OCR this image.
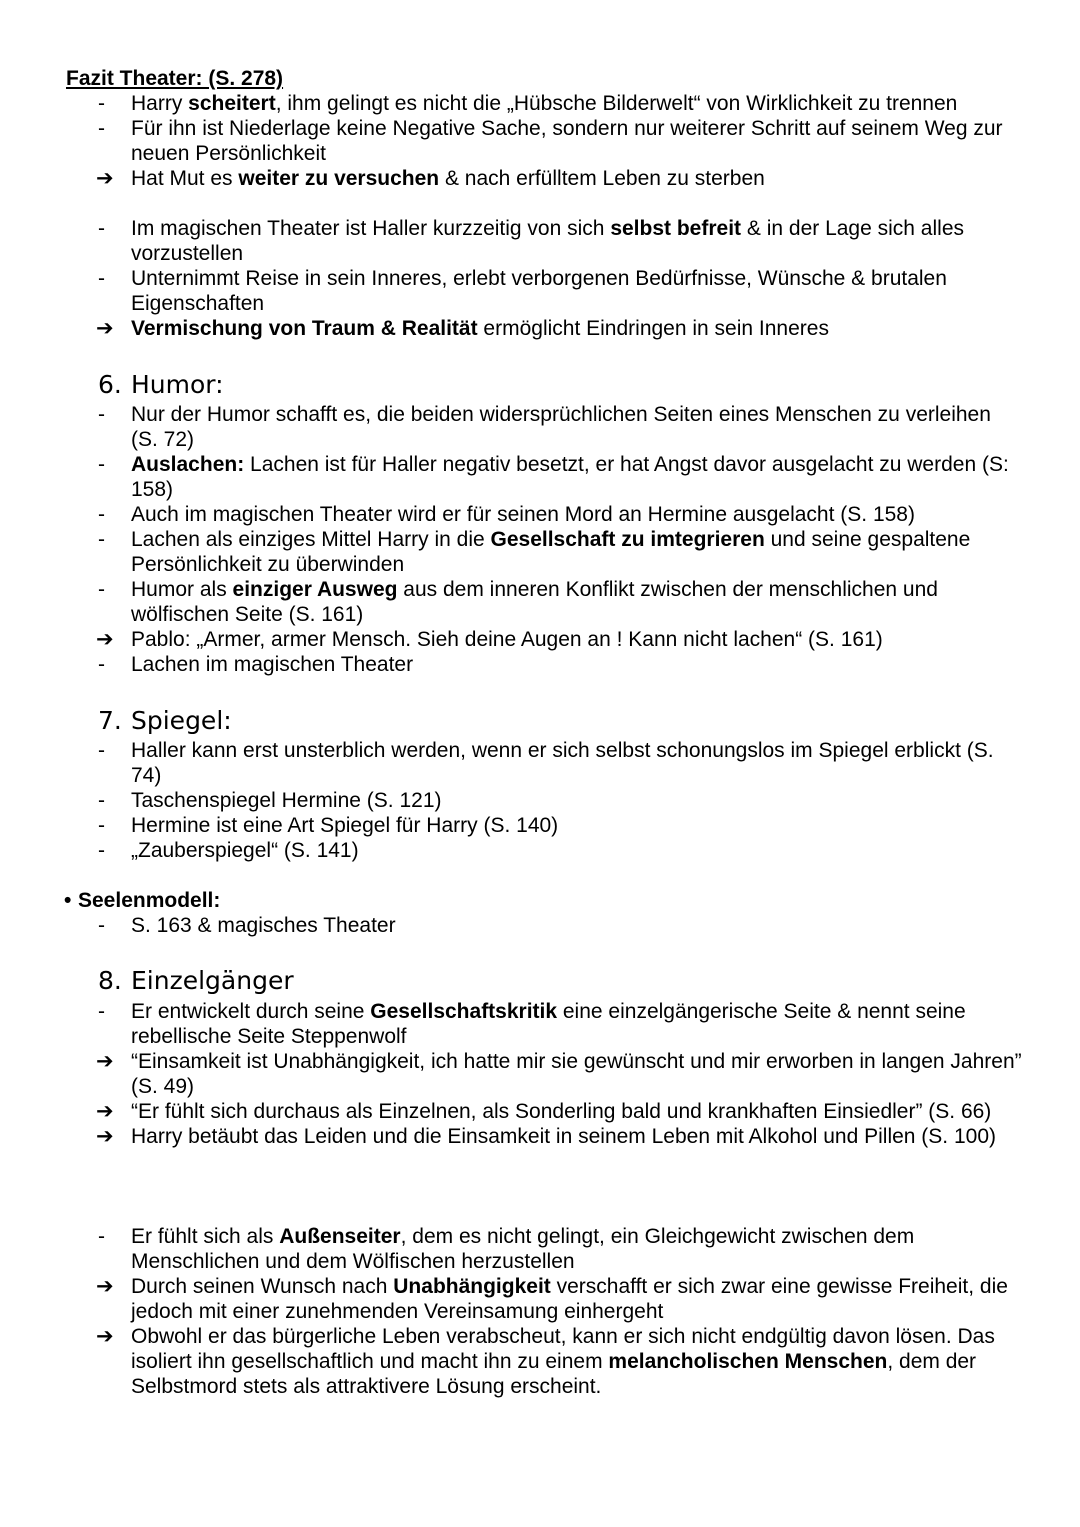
Fazit Theater: (S. 278)
-	Harry scheitert, ihm gelingt es nicht die „Hübsche Bilderwelt“ von Wirklichkeit zu trennen
-	Für ihn ist Niederlage keine Negative Sache, sondern nur weiterer Schritt auf seinem Weg zur neuen Persönlichkeit
➔ Hat Mut es weiter zu versuchen & nach erfülltem Leben zu sterben
-	Im magischen Theater ist Haller kurzzeitig von sich selbst befreit & in der Lage sich alles vorzustellen
-	Unternimmt Reise in sein Inneres, erlebt verborgenen Bedürfnisse, Wünsche & brutalen Eigenschaften
➔ Vermischung von Traum & Realität ermöglicht Eindringen in sein Inneres
6. Humor:
-	Nur der Humor schafft es, die beiden widersprüchlichen Seiten eines Menschen zu verleihen (S. 72)
-	Auslachen: Lachen ist für Haller negativ besetzt, er hat Angst davor ausgelacht zu werden (S: 158)
-	Auch im magischen Theater wird er für seinen Mord an Hermine ausgelacht (S. 158)
-	Lachen als einziges Mittel Harry in die Gesellschaft zu imtegrieren und seine gespaltene Persönlichkeit zu überwinden
-	Humor als einziger Ausweg aus dem inneren Konflikt zwischen der menschlichen und wölfischen Seite (S. 161)
➔ Pablo: „Armer, armer Mensch. Sieh deine Augen an ! Kann nicht lachen“ (S. 161)
-	Lachen im magischen Theater
7. Spiegel:
-	Haller kann erst unsterblich werden, wenn er sich selbst schonungslos im Spiegel erblickt (S. 74)
-	Taschenspiegel Hermine (S. 121)
-	Hermine ist eine Art Spiegel für Harry (S. 140)
-	„Zauberspiegel“ (S. 141)
• Seelenmodell:
-	S. 163 & magisches Theater
8. Einzelgänger
-	Er entwickelt durch seine Gesellschaftskritik eine einzelgängerische Seite & nennt seine rebellische Seite Steppenwolf
➔ “Einsamkeit ist Unabhängigkeit, ich hatte mir sie gewünscht und mir erworben in langen Jahren” (S. 49)
➔ “Er fühlt sich durchaus als Einzelnen, als Sonderling bald und krankhaften Einsiedler” (S. 66)
➔ Harry betäubt das Leiden und die Einsamkeit in seinem Leben mit Alkohol und Pillen (S. 100)
-	Er fühlt sich als Außenseiter, dem es nicht gelingt, ein Gleichgewicht zwischen dem Menschlichen und dem Wölfischen herzustellen
➔ Durch seinen Wunsch nach Unabhängigkeit verschafft er sich zwar eine gewisse Freiheit, die jedoch mit einer zunehmenden Vereinsamung einhergeht
➔ Obwohl er das bürgerliche Leben verabscheut, kann er sich nicht endgültig davon lösen. Das isoliert ihn gesellschaftlich und macht ihn zu einem melancholischen Menschen, dem der Selbstmord stets als attraktivere Lösung erscheint.
